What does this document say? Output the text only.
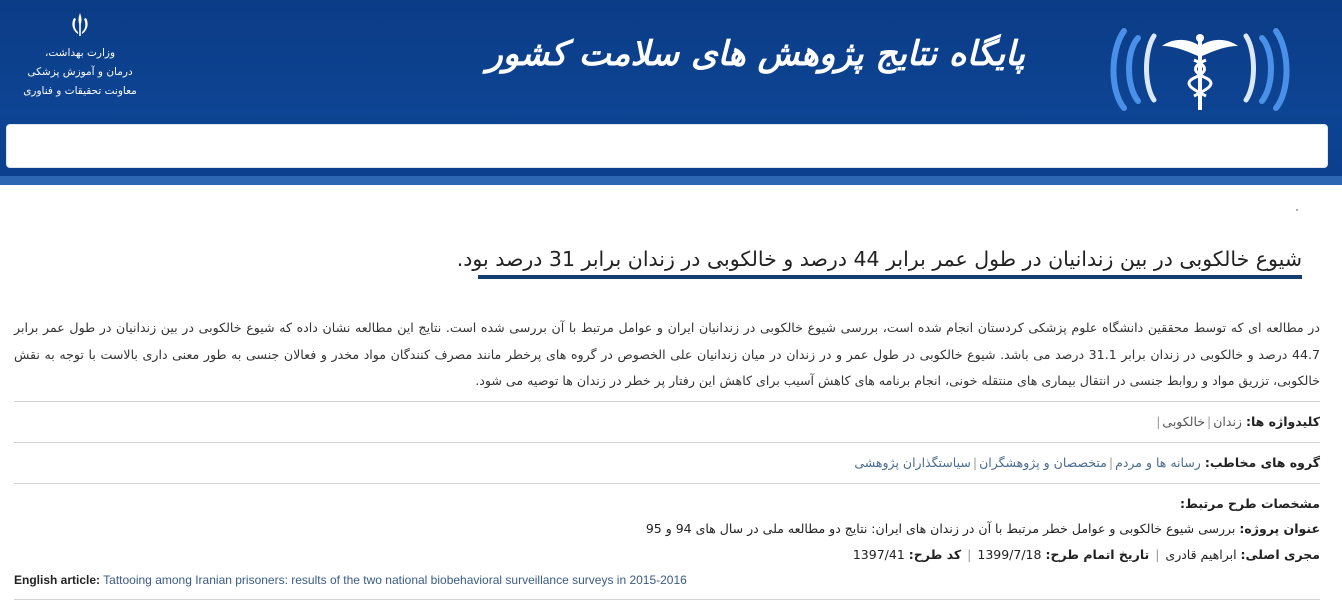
وزارت بهداشت،
درمان و آموزش پزشکی
معاونت تحقیقات و فناوری
پایگاه نتایج پژوهش های سلامت کشور
شیوع خالکوبی در بین زندانیان در طول عمر برابر 44 درصد و خالکوبی در زندان برابر 31 درصد بود.
در مطالعه ای که توسط محققین دانشگاه علوم پزشکی کردستان انجام شده است، بررسی شیوع خالکوبی در زندانیان ایران و عوامل مرتبط با آن بررسی شده است. نتایج این مطالعه نشان داده که شیوع خالکوبی در بین زندانیان در طول عمر برابر 44.7 درصد و خالکوبی در زندان برابر 31.1 درصد می باشد. شیوع خالکوبی در طول عمر و در زندان در میان زندانیان علی الخصوص در گروه های پرخطر مانند مصرف کنندگان مواد مخدر و فعالان جنسی به طور معنی داری بالاست با توجه به نقش خالکوبی، تزریق مواد و روابط جنسی در انتقال بیماری های منتقله خونی، انجام برنامه های کاهش آسیب برای کاهش این رفتار پر خطر در زندان ها توصیه می شود.
کلیدواژه ها: زندان|خالکوبی|
گروه های مخاطب: رسانه ها و مردم|متخصصان و پژوهشگران|سیاستگذاران پژوهشی
مشخصات طرح مرتبط:
عنوان پروژه: بررسی شیوع خالکوبی و عوامل خطر مرتبط با آن در زندان های ایران: نتایج دو مطالعه ملی در سال های 94 و 95
مجری اصلی: ابراهیم قادری | تاریخ اتمام طرح: 1399/7/18 | کد طرح: 1397/41
English article: Tattooing among Iranian prisoners: results of the two national biobehavioral surveillance surveys in 2015-2016
